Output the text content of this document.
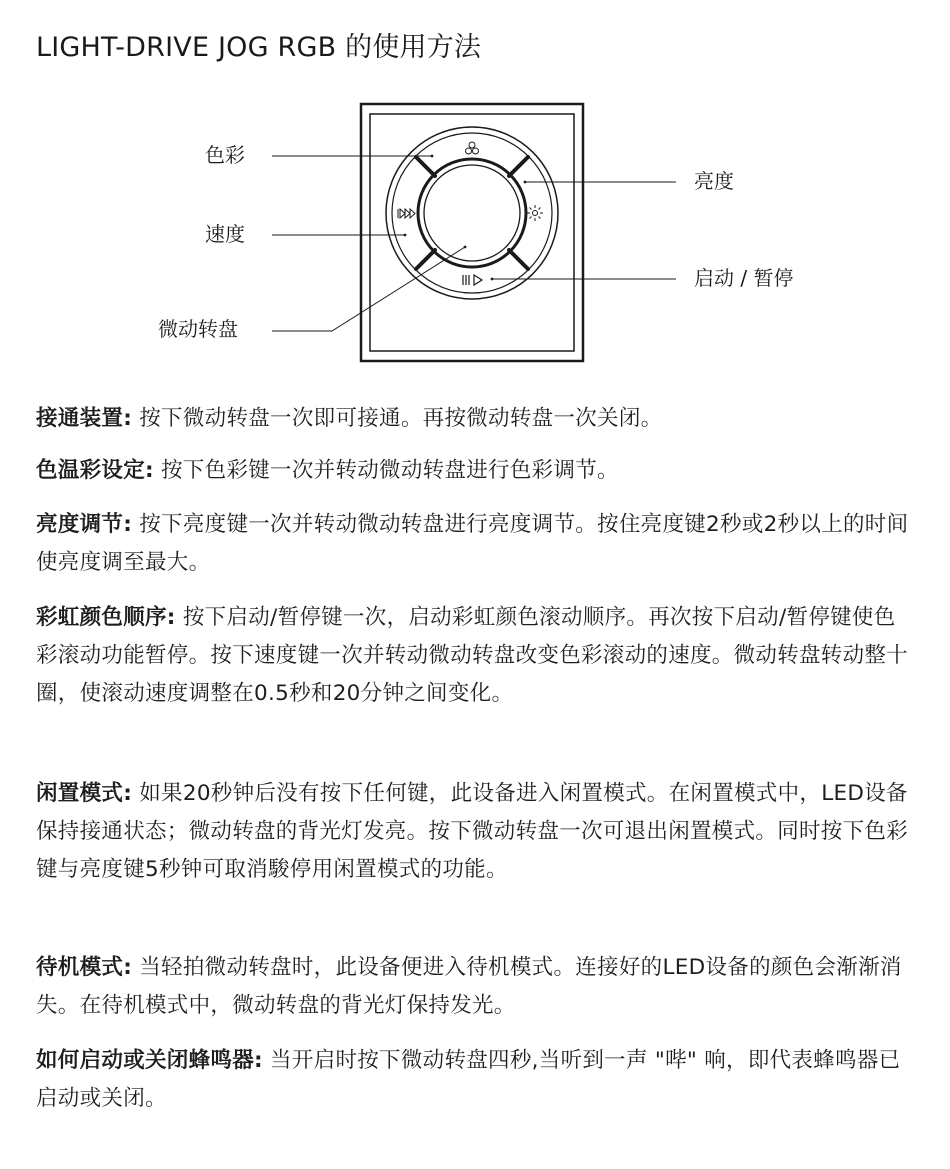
LIGHT-DRIVE JOG RGB 的使用方法
色彩
速度
微动转盘
亮度
启动 / 暂停
接通装置: 按下微动转盘一次即可接通。再按微动转盘一次关闭。
色温彩设定: 按下色彩键一次并转动微动转盘进行色彩调节。
亮度调节: 按下亮度键一次并转动微动转盘进行亮度调节。按住亮度键2秒或2秒以上的时间使亮度调至最大。
彩虹颜色顺序: 按下启动/暂停键一次，启动彩虹颜色滚动顺序。再次按下启动/暂停键使色彩滚动功能暂停。按下速度键一次并转动微动转盘改变色彩滚动的速度。微动转盘转动整十圈，使滚动速度调整在0.5秒和20分钟之间变化。
闲置模式: 如果20秒钟后没有按下任何键，此设备进入闲置模式。在闲置模式中，LED设备保持接通状态；微动转盘的背光灯发亮。按下微动转盘一次可退出闲置模式。同时按下色彩键与亮度键5秒钟可取消駿停用闲置模式的功能。
待机模式: 当轻拍微动转盘时，此设备便进入待机模式。连接好的LED设备的颜色会渐渐消失。在待机模式中，微动转盘的背光灯保持发光。
如何启动或关闭蜂鸣器: 当开启时按下微动转盘四秒,当听到一声 "哔" 响，即代表蜂鸣器已启动或关闭。
